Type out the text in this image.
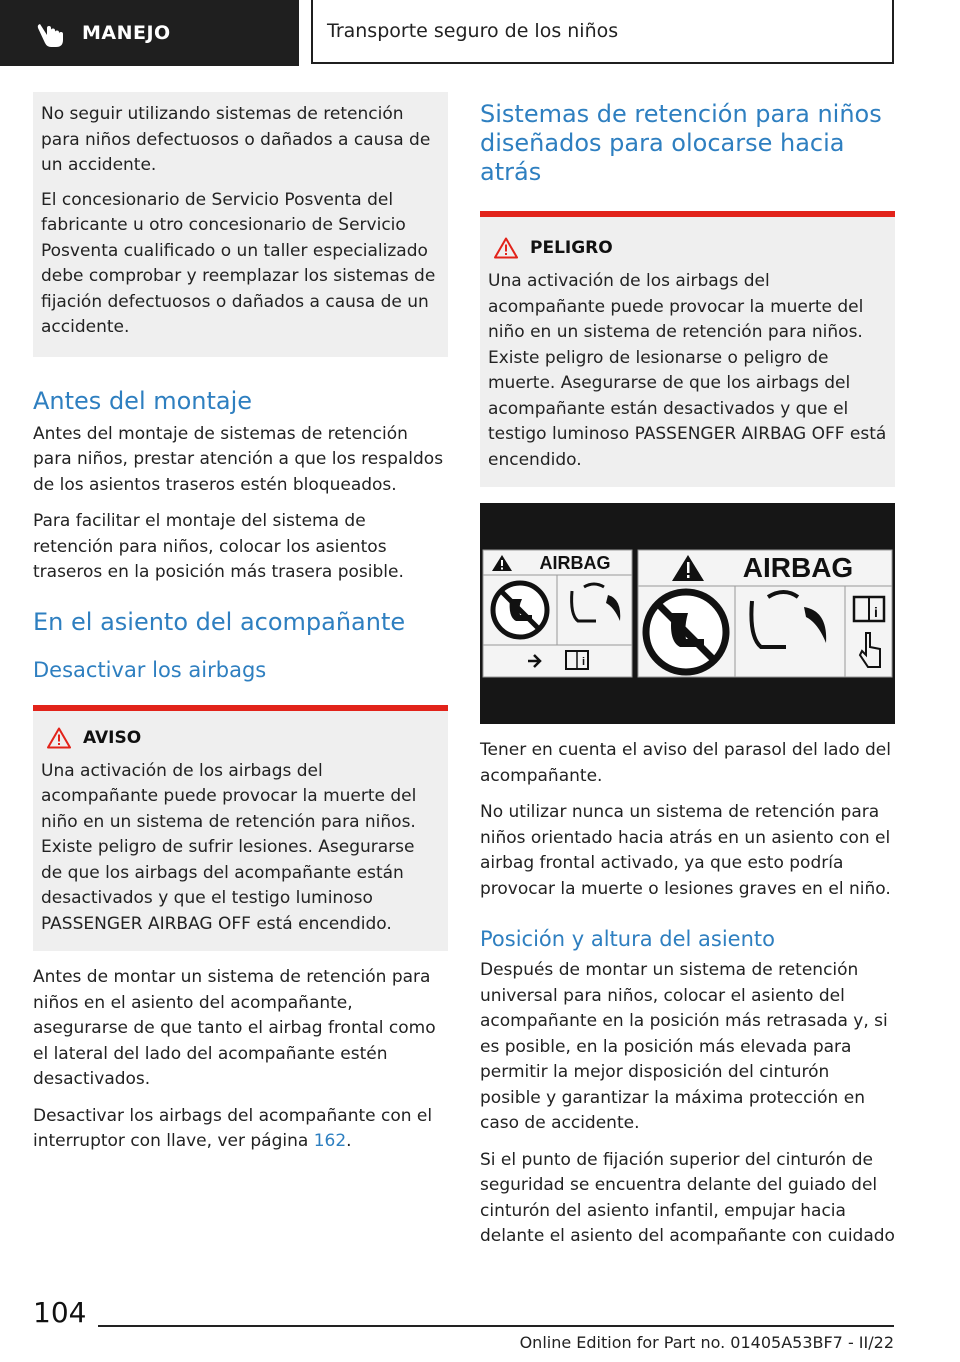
MANEJO	Transporte seguro de los niños

No seguir utilizando sistemas de retención para niños defectuosos o dañados a causa de un accidente.

El concesionario de Servicio Posventa del fabricante u otro concesionario de Servicio Posventa cualificado o un taller especializado debe comprobar y reemplazar los sistemas de fijación defectuosos o dañados a causa de un accidente.

Antes del montaje

Antes del montaje de sistemas de retención para niños, prestar atención a que los respaldos de los asientos traseros estén bloqueados.

Para facilitar el montaje del sistema de retención para niños, colocar los asientos traseros en la posición más trasera posible.

En el asiento del acompañante
Desactivar los airbags
AVISO

Una activación de los airbags del acompañante puede provocar la muerte del niño en un sistema de retención para niños. Existe peligro de sufrir lesiones. Asegurarse de que los airbags del acompañante están desactivados y que el testigo luminoso PASSENGER AIRBAG OFF está encendido.

Antes de montar un sistema de retención para niños en el asiento del acompañante, asegurarse de que tanto el airbag frontal como el lateral del lado del acompañante estén desactivados.

Desactivar los airbags del acompañante con el interruptor con llave, ver página 162.

Sistemas de retención para niños diseñados para olocarse hacia atrás
PELIGRO

Una activación de los airbags del acompañante puede provocar la muerte del niño en un sistema de retención para niños. Existe peligro de lesionarse o peligro de muerte. Asegurarse de que los airbags del acompañante están desactivados y que el testigo luminoso PASSENGER AIRBAG OFF está encendido.

AIRBAG
i
AIRBAG
i

Tener en cuenta el aviso del parasol del lado del acompañante.

No utilizar nunca un sistema de retención para niños orientado hacia atrás en un asiento con el airbag frontal activado, ya que esto podría provocar la muerte o lesiones graves en el niño.

Posición y altura del asiento

Después de montar un sistema de retención universal para niños, colocar el asiento del acompañante en la posición más retrasada y, si es posible, en la posición más elevada para permitir la mejor disposición del cinturón posible y garantizar la máxima protección en caso de accidente.

Si el punto de fijación superior del cinturón de seguridad se encuentra delante del guiado del cinturón del asiento infantil, empujar hacia delante el asiento del acompañante con cuidado

104
Online Edition for Part no. 01405A53BF7 - II/22
